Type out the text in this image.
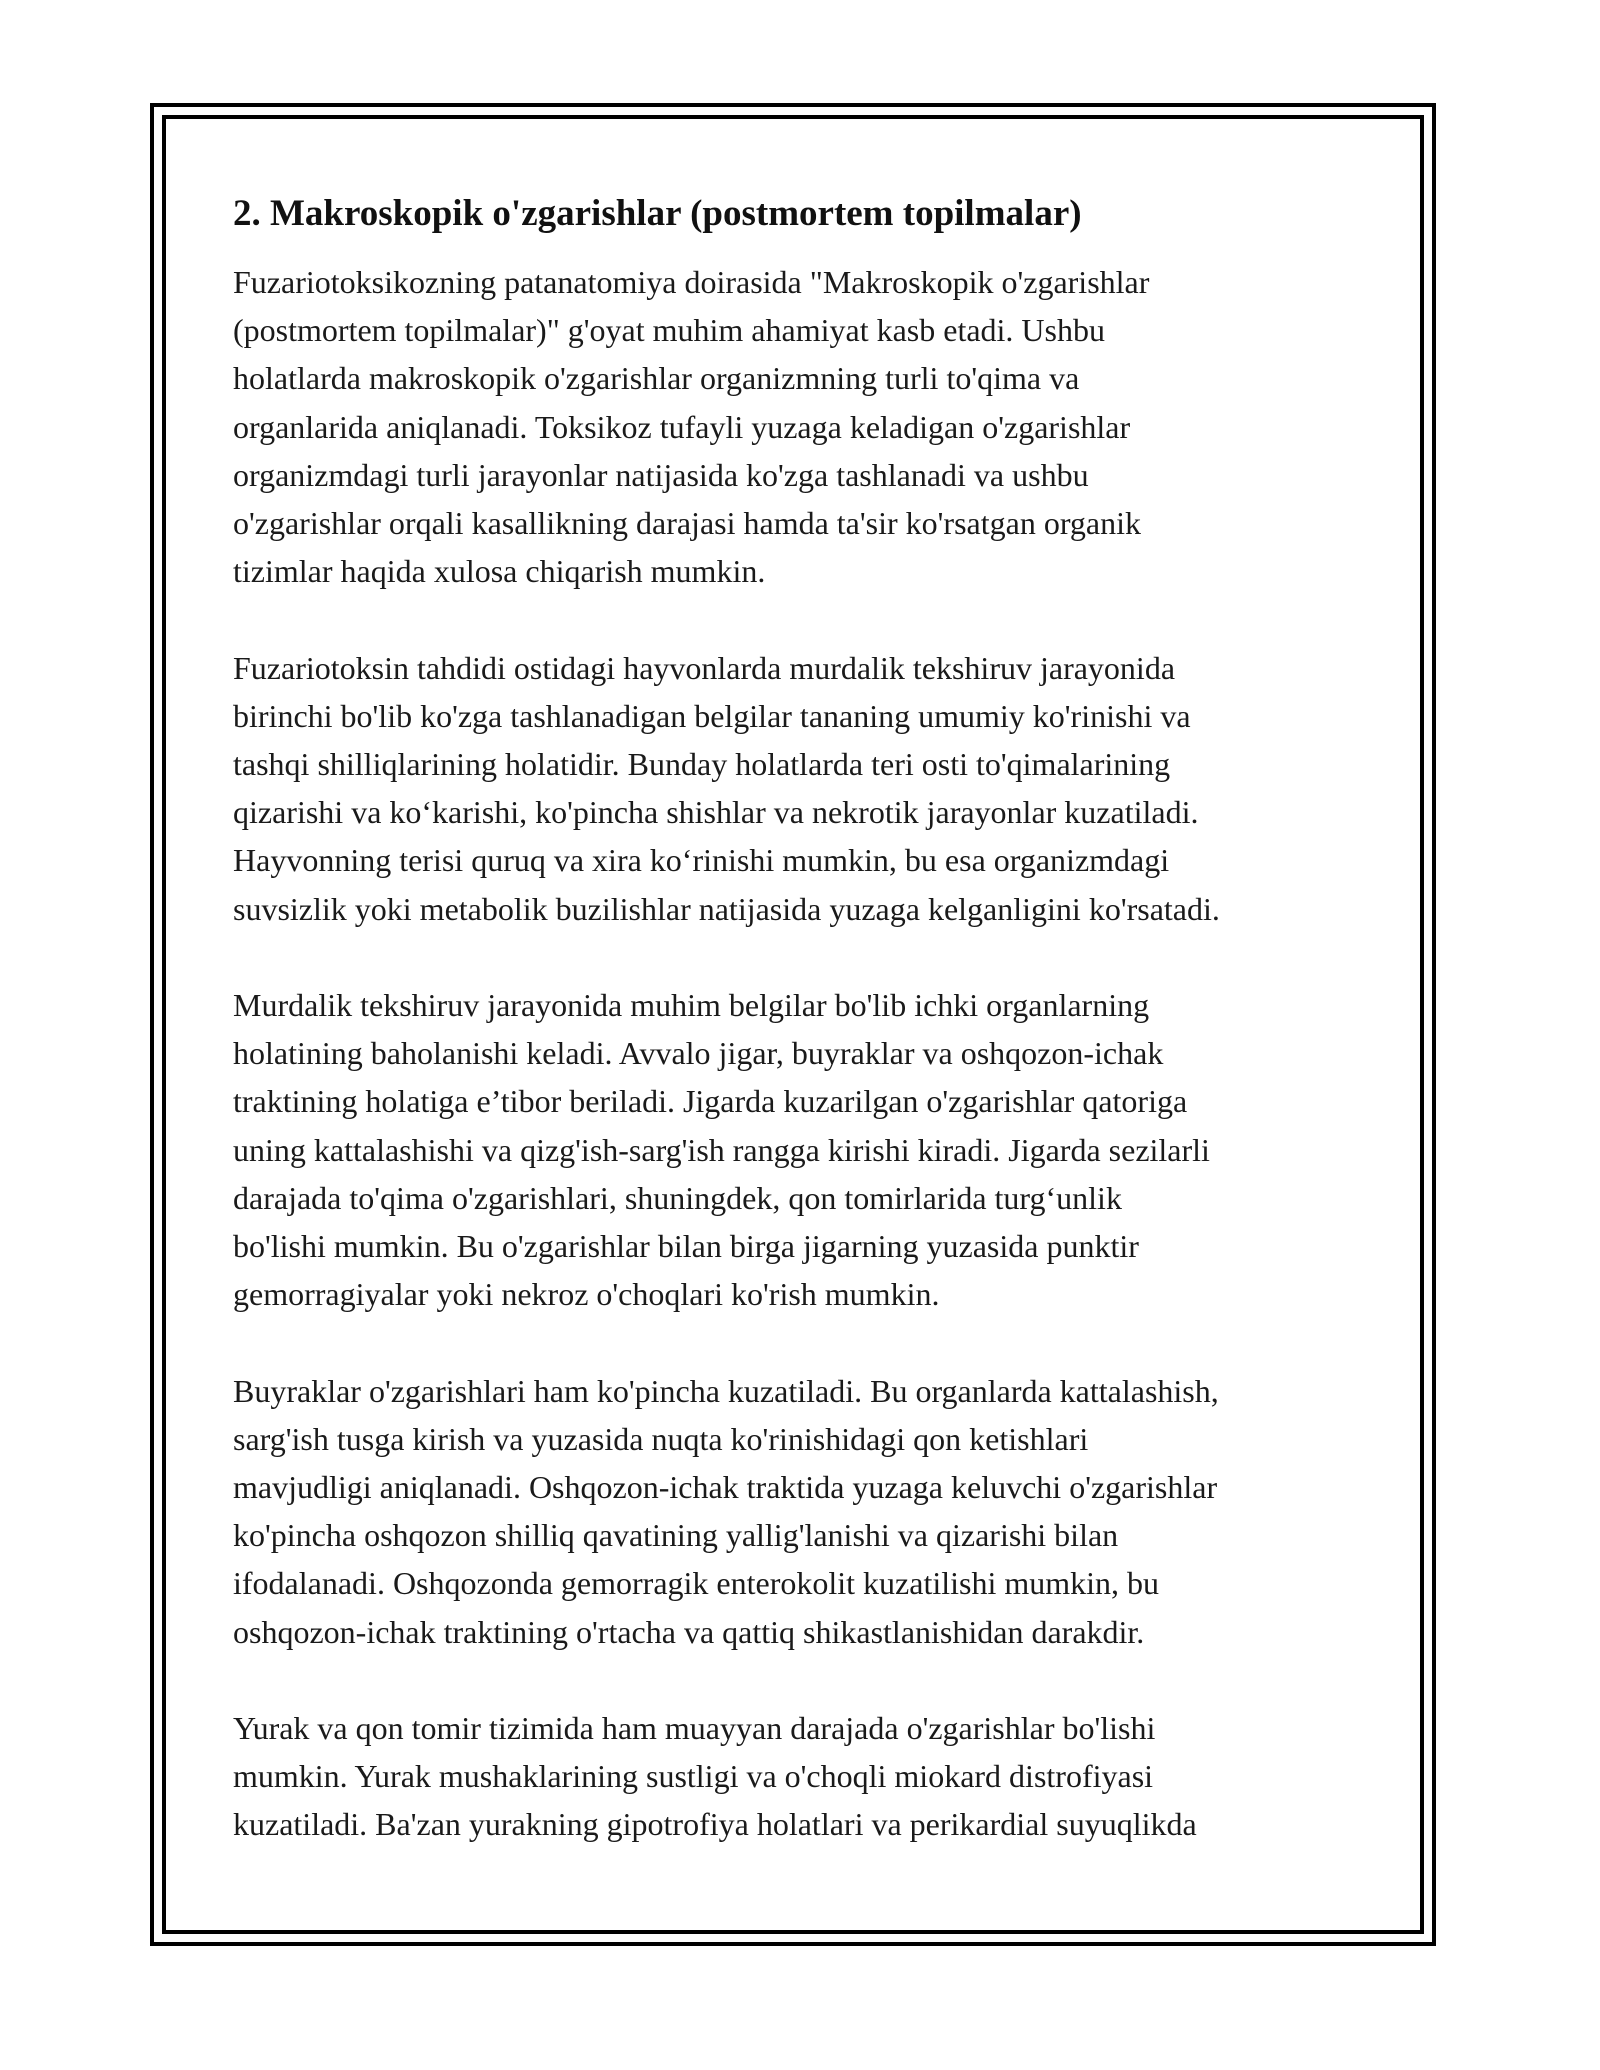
2. Makroskopik o'zgarishlar (postmortem topilmalar)

Fuzariotoksikozning patanatomiya doirasida "Makroskopik o'zgarishlar
(postmortem topilmalar)" g'oyat muhim ahamiyat kasb etadi. Ushbu
holatlarda makroskopik o'zgarishlar organizmning turli to'qima va
organlarida aniqlanadi. Toksikoz tufayli yuzaga keladigan o'zgarishlar
organizmdagi turli jarayonlar natijasida ko'zga tashlanadi va ushbu
o'zgarishlar orqali kasallikning darajasi hamda ta'sir ko'rsatgan organik
tizimlar haqida xulosa chiqarish mumkin.

Fuzariotoksin tahdidi ostidagi hayvonlarda murdalik tekshiruv jarayonida
birinchi bo'lib ko'zga tashlanadigan belgilar tananing umumiy ko'rinishi va
tashqi shilliqlarining holatidir. Bunday holatlarda teri osti to'qimalarining
qizarishi va ko‘karishi, ko'pincha shishlar va nekrotik jarayonlar kuzatiladi.
Hayvonning terisi quruq va xira ko‘rinishi mumkin, bu esa organizmdagi
suvsizlik yoki metabolik buzilishlar natijasida yuzaga kelganligini ko'rsatadi.

Murdalik tekshiruv jarayonida muhim belgilar bo'lib ichki organlarning
holatining baholanishi keladi. Avvalo jigar, buyraklar va oshqozon-ichak
traktining holatiga e’tibor beriladi. Jigarda kuzarilgan o'zgarishlar qatoriga
uning kattalashishi va qizg'ish-sarg'ish rangga kirishi kiradi. Jigarda sezilarli
darajada to'qima o'zgarishlari, shuningdek, qon tomirlarida turg‘unlik
bo'lishi mumkin. Bu o'zgarishlar bilan birga jigarning yuzasida punktir
gemorragiyalar yoki nekroz o'choqlari ko'rish mumkin.

Buyraklar o'zgarishlari ham ko'pincha kuzatiladi. Bu organlarda kattalashish,
sarg'ish tusga kirish va yuzasida nuqta ko'rinishidagi qon ketishlari
mavjudligi aniqlanadi. Oshqozon-ichak traktida yuzaga keluvchi o'zgarishlar
ko'pincha oshqozon shilliq qavatining yallig'lanishi va qizarishi bilan
ifodalanadi. Oshqozonda gemorragik enterokolit kuzatilishi mumkin, bu
oshqozon-ichak traktining o'rtacha va qattiq shikastlanishidan darakdir.

Yurak va qon tomir tizimida ham muayyan darajada o'zgarishlar bo'lishi
mumkin. Yurak mushaklarining sustligi va o'choqli miokard distrofiyasi
kuzatiladi. Ba'zan yurakning gipotrofiya holatlari va perikardial suyuqlikda
